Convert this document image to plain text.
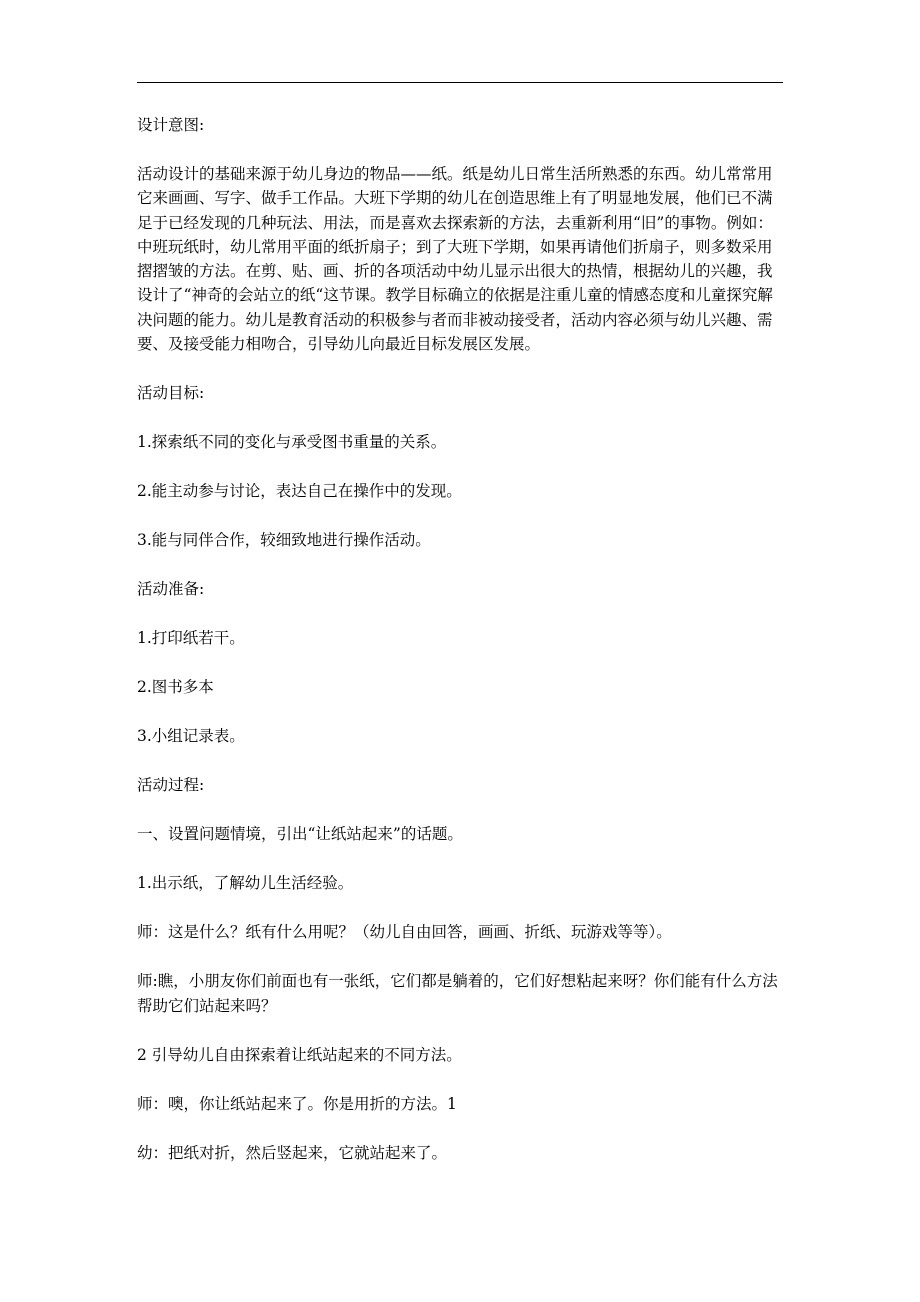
设计意图:

活动设计的基础来源于幼儿身边的物品——纸。纸是幼儿日常生活所熟悉的东西。幼儿常常用它来画画、写字、做手工作品。大班下学期的幼儿在创造思维上有了明显地发展，他们已不满足于已经发现的几种玩法、用法，而是喜欢去探索新的方法，去重新利用“旧”的事物。例如：中班玩纸时，幼儿常用平面的纸折扇子；到了大班下学期，如果再请他们折扇子，则多数采用摺摺皱的方法。在剪、贴、画、折的各项活动中幼儿显示出很大的热情，根据幼儿的兴趣，我设计了“神奇的会站立的纸“这节课。教学目标确立的依据是注重儿童的情感态度和儿童探究解决问题的能力。幼儿是教育活动的积极参与者而非被动接受者，活动内容必须与幼儿兴趣、需要、及接受能力相吻合，引导幼儿向最近目标发展区发展。

活动目标:

1.探索纸不同的变化与承受图书重量的关系。

2.能主动参与讨论，表达自己在操作中的发现。

3.能与同伴合作，较细致地进行操作活动。

活动准备:

1.打印纸若干。

2.图书多本

3.小组记录表。

活动过程:

一、设置问题情境，引出“让纸站起来”的话题。

1.出示纸，了解幼儿生活经验。

师：这是什么？纸有什么用呢？（幼儿自由回答，画画、折纸、玩游戏等等）。

师:瞧，小朋友你们前面也有一张纸，它们都是躺着的，它们好想粘起来呀？你们能有什么方法帮助它们站起来吗？

2 引导幼儿自由探索着让纸站起来的不同方法。

师：噢，你让纸站起来了。你是用折的方法。1

幼：把纸对折，然后竖起来，它就站起来了。
